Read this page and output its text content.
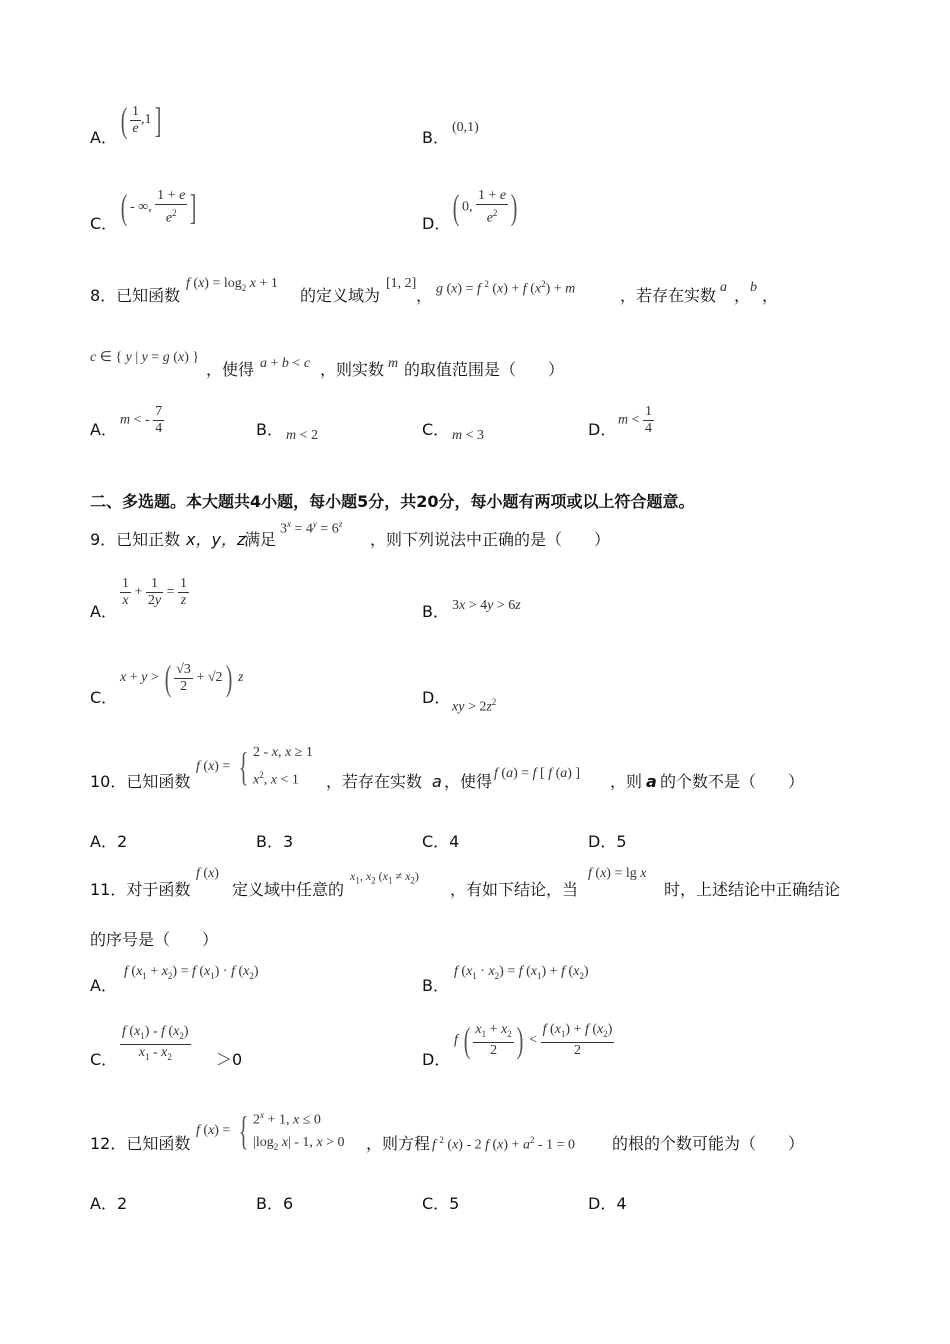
A． ( $\frac{1}{e} ,1$]	B．
(0,1)
C． ( - ∞, $\frac{1 + e}{e^2}$ ]	D． ( 0, $\frac{1 + e}{e^2}$ )
8．已知函数
f $(x) = \log_2 x + 1$
的定义域为
[1, 2]
， g (x) = f $^2$ (x) + f $(x^2) + m$	，若存在实数 a ， b ，
c ∈ { y | y = g (x) }
，使得 a + b < c ，则实数 m 的取值范围是（　　）
A． m < - $\frac{7}{4}$	B． m < 2	C． m < 3	D． $m < \frac{1}{4}$
二、多选题。本大题共4小题，每小题5分，共20分，每小题有两项或以上符合题意。
9．已知正数 x，y，z
满足
$3^x = 4^y = 6^z$
，则下列说法中正确的是（　　）
A．
$\frac{1}{x} + \frac{1}{2y} = \frac{1}{z}$
B． 3x > 4y > 6z
C．
x + y > ( $\frac{√3}{2} + √2$) z
D．
xy > $2z^2$
10．已知函数
f (x) = { 2 - x, x ≥ 1
$x^2$, x < 1	，若存在实数 a ，使得 f (a) = f [ f (a) ] ，则 a 的个数不是（　　）
A．2	B．3	C．4	D．5
11．对于函数
f (x)
定义域中任意的
$x_1$, $x_2$ $(x_1 \ne x_2)$
，有如下结论，当
f (x) = lg x
时，上述结论中正确结论
的序号是（　　）
A．
f $(x_1 + x_2) = f$ $(x_1) \cdot f$ $(x_2)$
B．
f $(x_1 \cdot x_2) = f$ $(x_1) + f$ $(x_2)$
C． $\frac{f (x_1) - f (x_2)}{x_1 - x_2} >0$	D．
f ( $\frac{x_1 + x_2}{2}$ ) < $\frac{f (x_1) + f (x_2)}{2}$
12．已知函数
f (x) = { $2^x + 1$, x ≤ 0
$|\log_2$ x| - 1, x > 0 ，则方程 f $^2$ (x) - 2 f $(x) + a^2 - 1 = 0$ 的根的个数可能为（　　）
A．2	B．6	C．5	D．4
